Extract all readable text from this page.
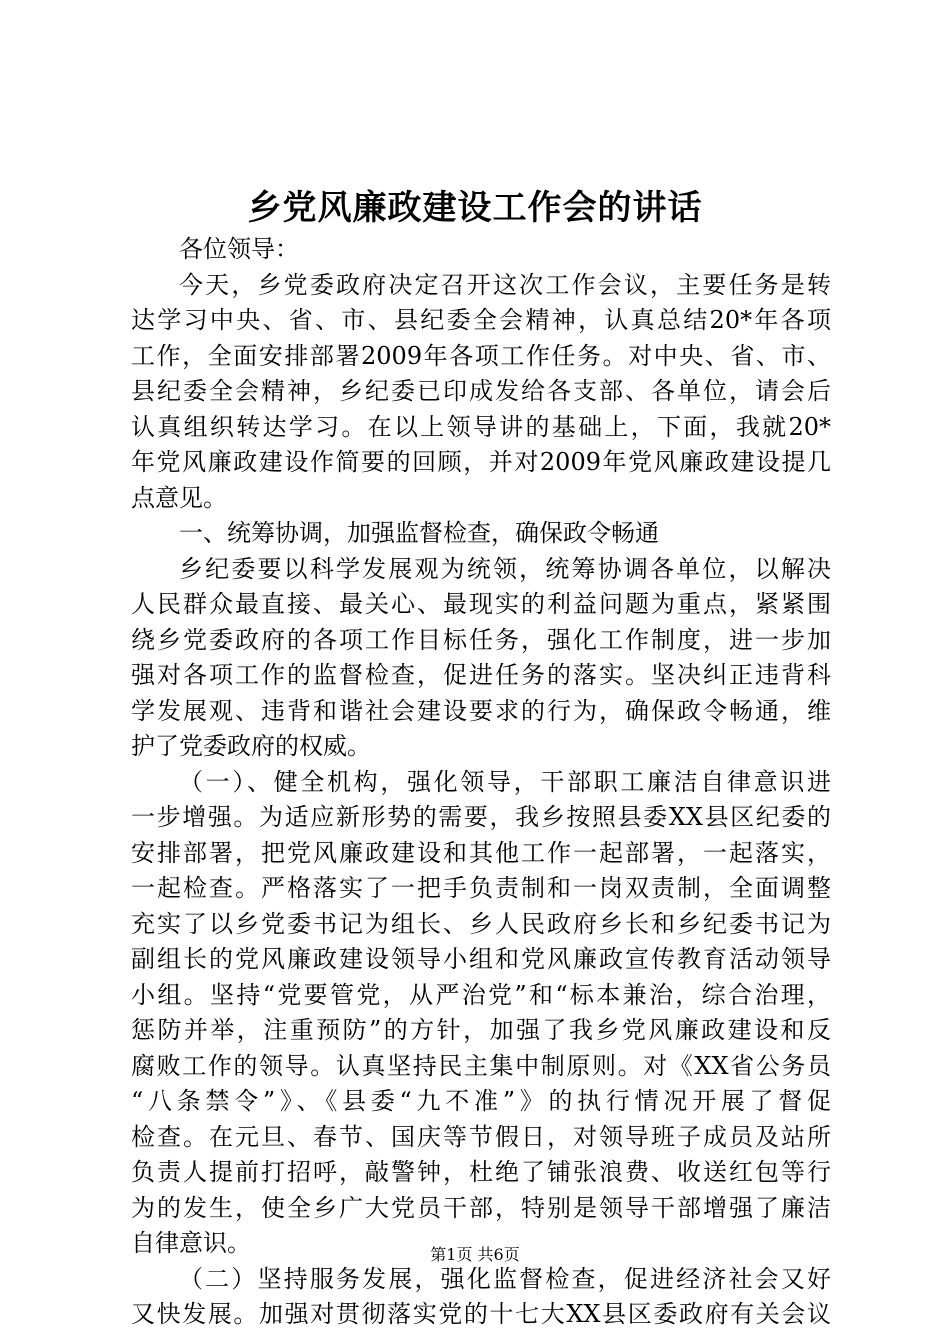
乡党风廉政建设工作会的讲话
各位领导：
今天，乡党委政府决定召开这次工作会议，主要任务是转
达学习中央、省、市、县纪委全会精神，认真总结20*年各项
工作，全面安排部署2009年各项工作任务。对中央、省、市、
县纪委全会精神，乡纪委已印成发给各支部、各单位，请会后
认真组织转达学习。在以上领导讲的基础上，下面，我就20*
年党风廉政建设作简要的回顾，并对2009年党风廉政建设提几
点意见。
一、统筹协调，加强监督检查，确保政令畅通
乡纪委要以科学发展观为统领，统筹协调各单位，以解决
人民群众最直接、最关心、最现实的利益问题为重点，紧紧围
绕乡党委政府的各项工作目标任务，强化工作制度，进一步加
强对各项工作的监督检查，促进任务的落实。坚决纠正违背科
学发展观、违背和谐社会建设要求的行为，确保政令畅通，维
护了党委政府的权威。
（一）、健全机构，强化领导，干部职工廉洁自律意识进
一步增强。为适应新形势的需要，我乡按照县委XX县区纪委的
安排部署，把党风廉政建设和其他工作一起部署，一起落实，
一起检查。严格落实了一把手负责制和一岗双责制，全面调整
充实了以乡党委书记为组长、乡人民政府乡长和乡纪委书记为
副组长的党风廉政建设领导小组和党风廉政宣传教育活动领导
小组。坚持“党要管党，从严治党”和“标本兼治，综合治理，
惩防并举，注重预防”的方针，加强了我乡党风廉政建设和反
腐败工作的领导。认真坚持民主集中制原则。对《XX省公务员
“八条禁令”》、《县委“九不准”》的执行情况开展了督促
检查。在元旦、春节、国庆等节假日，对领导班子成员及站所
负责人提前打招呼，敲警钟，杜绝了铺张浪费、收送红包等行
为的发生，使全乡广大党员干部，特别是领导干部增强了廉洁
自律意识。
（二）坚持服务发展，强化监督检查，促进经济社会又好
又快发展。加强对贯彻落实党的十七大XX县区委政府有关会议
第1页 共6页
